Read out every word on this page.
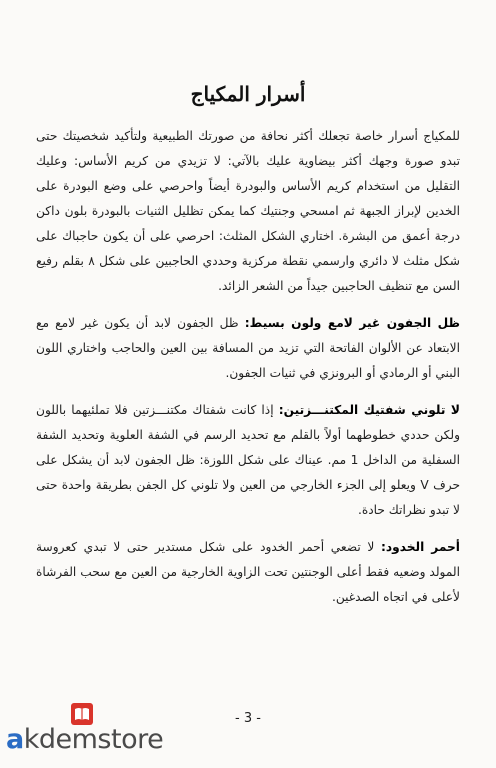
أسرار المكياج

للمكياج أسرار خاصة تجعلك أكثر نحافة من صورتك الطبيعية ولتأكيد شخصيتك حتى تبدو صورة وجهك أكثر بيضاوية عليك بالآتي: لا تزيدي من كريم الأساس: وعليك التقليل من استخدام كريم الأساس والبودرة أيضاً واحرصي على وضع البودرة على الخدين لإبراز الجبهة ثم امسحي وجنتيك كما يمكن تظليل الثنيات بالبودرة بلون داكن درجة أعمق من البشرة. اختاري الشكل المثلث: احرصي على أن يكون حاجباك على شكل مثلث لا دائري وارسمي نقطة مركزية وحددي الحاجبين على شكل ٨ بقلم رفيع السن مع تنظيف الحاجبين جيداً من الشعر الزائد.

ظل الجفون غير لامع ولون بسيط: ظل الجفون لابد أن يكون غير لامع مع الابتعاد عن الألوان الفاتحة التي تزيد من المسافة بين العين والحاجب واختاري اللون البني أو الرمادي أو البرونزي في ثنيات الجفون.

لا تلوني شفتيك المكتنـــزتين: إذا كانت شفتاك مكتنـــزتين فلا تملئيهما باللون ولكن حددي خطوطهما أولاً بالقلم مع تحديد الرسم في الشفة العلوية وتحديد الشفة السفلية من الداخل 1 مم. عيناك على شكل اللوزة: ظل الجفون لابد أن يشكل على حرف V ويعلو إلى الجزء الخارجي من العين ولا تلوني كل الجفن بطريقة واحدة حتى لا تبدو نظراتك حادة.

أحمر الخدود: لا تضعي أحمر الخدود على شكل مستدير حتى لا تبدي كعروسة المولد وضعيه فقط أعلى الوجنتين تحت الزاوية الخارجية من العين مع سحب الفرشاة لأعلى في اتجاه الصدغين.

- 3 -
akdemstore
